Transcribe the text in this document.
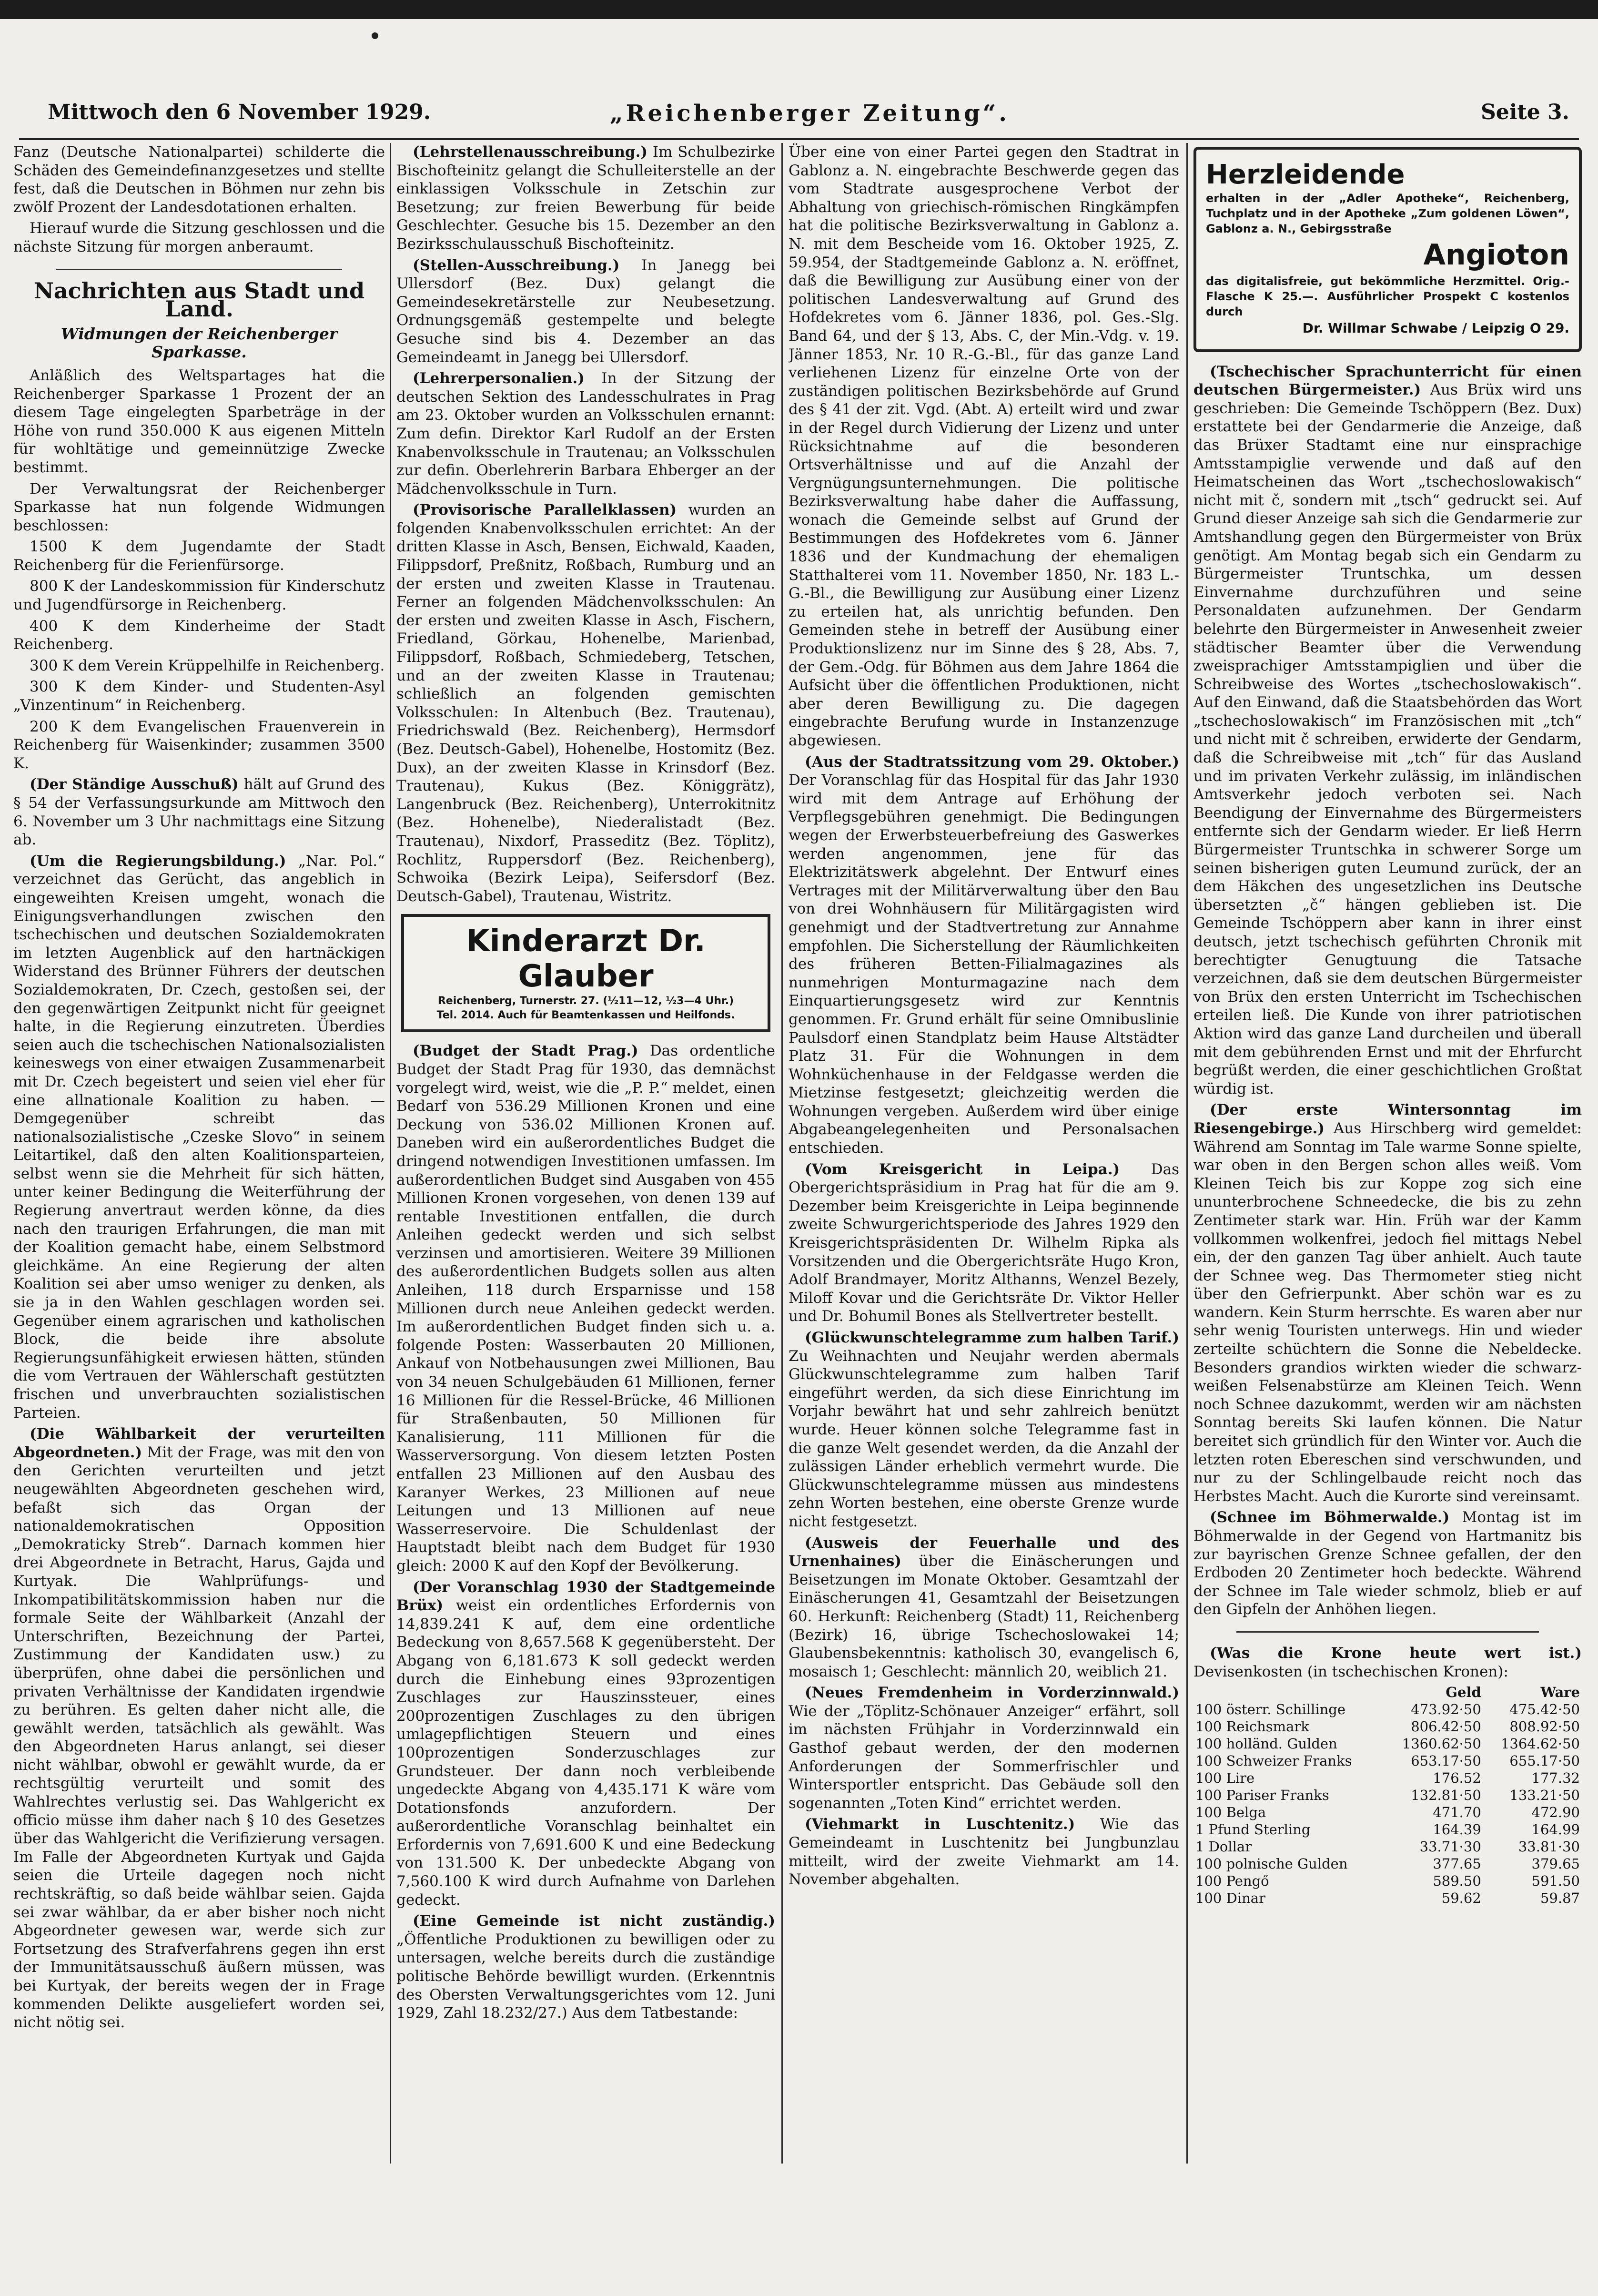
Mittwoch den 6 November 1929.	„Reichenberger Zeitung“.	Seite 3.

Fanz (Deutsche Nationalpartei) schilderte die Schäden des Gemeindefinanzgesetzes und stellte fest, daß die Deutschen in Böhmen nur zehn bis zwölf Prozent der Landesdotationen erhalten.

Hierauf wurde die Sitzung geschlossen und die nächste Sitzung für morgen anberaumt.

Nachrichten aus Stadt und Land.
Widmungen der Reichenberger Sparkasse.

Anläßlich des Weltspartages hat die Reichenberger Sparkasse 1 Prozent der an diesem Tage eingelegten Sparbeträge in der Höhe von rund 350.000 K aus eigenen Mitteln für wohltätige und gemeinnützige Zwecke bestimmt.

Der Verwaltungsrat der Reichenberger Sparkasse hat nun folgende Widmungen beschlossen:

1500 K dem Jugendamte der Stadt Reichenberg für die Ferienfürsorge.

800 K der Landeskommission für Kinderschutz und Jugendfürsorge in Reichenberg.

400 K dem Kinderheime der Stadt Reichenberg.

300 K dem Verein Krüppelhilfe in Reichenberg.

300 K dem Kinder- und Studenten-Asyl „Vinzentinum“ in Reichenberg.

200 K dem Evangelischen Frauenverein in Reichenberg für Waisenkinder; zusammen 3500 K.

(Der Ständige Ausschuß) hält auf Grund des § 54 der Verfassungsurkunde am Mittwoch den 6. November um 3 Uhr nachmittags eine Sitzung ab.

(Um die Regierungsbildung.) „Nar. Pol.“ verzeichnet das Gerücht, das angeblich in eingeweihten Kreisen umgeht, wonach die Einigungsverhandlungen zwischen den tschechischen und deutschen Sozialdemokraten im letzten Augenblick auf den hartnäckigen Widerstand des Brünner Führers der deutschen Sozialdemokraten, Dr. Czech, gestoßen sei, der den gegenwärtigen Zeitpunkt nicht für geeignet halte, in die Regierung einzutreten. Überdies seien auch die tschechischen Nationalsozialisten keineswegs von einer etwaigen Zusammenarbeit mit Dr. Czech begeistert und seien viel eher für eine allnationale Koalition zu haben. — Demgegenüber schreibt das nationalsozialistische „Czeske Slovo“ in seinem Leitartikel, daß den alten Koalitionsparteien, selbst wenn sie die Mehrheit für sich hätten, unter keiner Bedingung die Weiterführung der Regierung anvertraut werden könne, da dies nach den traurigen Erfahrungen, die man mit der Koalition gemacht habe, einem Selbstmord gleichkäme. An eine Regierung der alten Koalition sei aber umso weniger zu denken, als sie ja in den Wahlen geschlagen worden sei. Gegenüber einem agrarischen und katholischen Block, die beide ihre absolute Regierungsunfähigkeit erwiesen hätten, stünden die vom Vertrauen der Wählerschaft gestützten frischen und unverbrauchten sozialistischen Parteien.

(Die Wählbarkeit der verurteilten Abgeordneten.) Mit der Frage, was mit den von den Gerichten verurteilten und jetzt neugewählten Abgeordneten geschehen wird, befaßt sich das Organ der nationaldemokratischen Opposition „Demokraticky Streb“. Darnach kommen hier drei Abgeordnete in Betracht, Harus, Gajda und Kurtyak. Die Wahlprüfungs- und Inkompatibilitätskommission haben nur die formale Seite der Wählbarkeit (Anzahl der Unterschriften, Bezeichnung der Partei, Zustimmung der Kandidaten usw.) zu überprüfen, ohne dabei die persönlichen und privaten Verhältnisse der Kandidaten irgendwie zu berühren. Es gelten daher nicht alle, die gewählt werden, tatsächlich als gewählt. Was den Abgeordneten Harus anlangt, sei dieser nicht wählbar, obwohl er gewählt wurde, da er rechtsgültig verurteilt und somit des Wahlrechtes verlustig sei. Das Wahlgericht ex officio müsse ihm daher nach § 10 des Gesetzes über das Wahlgericht die Verifizierung versagen. Im Falle der Abgeordneten Kurtyak und Gajda seien die Urteile dagegen noch nicht rechtskräftig, so daß beide wählbar seien. Gajda sei zwar wählbar, da er aber bisher noch nicht Abgeordneter gewesen war, werde sich zur Fortsetzung des Strafverfahrens gegen ihn erst der Immunitätsausschuß äußern müssen, was bei Kurtyak, der bereits wegen der in Frage kommenden Delikte ausgeliefert worden sei, nicht nötig sei.

(Lehrstellenausschreibung.) Im Schulbezirke Bischofteinitz gelangt die Schulleiterstelle an der einklassigen Volksschule in Zetschin zur Besetzung; zur freien Bewerbung für beide Geschlechter. Gesuche bis 15. Dezember an den Bezirksschulausschuß Bischofteinitz.

(Stellen-Ausschreibung.) In Janegg bei Ullersdorf (Bez. Dux) gelangt die Gemeindesekretärstelle zur Neubesetzung. Ordnungsgemäß gestempelte und belegte Gesuche sind bis 4. Dezember an das Gemeindeamt in Janegg bei Ullersdorf.

(Lehrerpersonalien.) In der Sitzung der deutschen Sektion des Landesschulrates in Prag am 23. Oktober wurden an Volksschulen ernannt: Zum defin. Direktor Karl Rudolf an der Ersten Knabenvolksschule in Trautenau; an Volksschulen zur defin. Oberlehrerin Barbara Ehberger an der Mädchenvolksschule in Turn.

(Provisorische Parallelklassen) wurden an folgenden Knabenvolksschulen errichtet: An der dritten Klasse in Asch, Bensen, Eichwald, Kaaden, Filippsdorf, Preßnitz, Roßbach, Rumburg und an der ersten und zweiten Klasse in Trautenau. Ferner an folgenden Mädchenvolksschulen: An der ersten und zweiten Klasse in Asch, Fischern, Friedland, Görkau, Hohenelbe, Marienbad, Filippsdorf, Roßbach, Schmiedeberg, Tetschen, und an der zweiten Klasse in Trautenau; schließlich an folgenden gemischten Volksschulen: In Altenbuch (Bez. Trautenau), Friedrichswald (Bez. Reichenberg), Hermsdorf (Bez. Deutsch-Gabel), Hohenelbe, Hostomitz (Bez. Dux), an der zweiten Klasse in Krinsdorf (Bez. Trautenau), Kukus (Bez. Königgrätz), Langenbruck (Bez. Reichenberg), Unterrokitnitz (Bez. Hohenelbe), Niederalistadt (Bez. Trautenau), Nixdorf, Prasseditz (Bez. Töplitz), Rochlitz, Ruppersdorf (Bez. Reichenberg), Schwoika (Bezirk Leipa), Seifersdorf (Bez. Deutsch-Gabel), Trautenau, Wistritz.

Kinderarzt Dr. Glauber
Reichenberg, Turnerstr. 27. (½11—12, ½3—4 Uhr.)
Tel. 2014. Auch für Beamtenkassen und Heilfonds.

(Budget der Stadt Prag.) Das ordentliche Budget der Stadt Prag für 1930, das demnächst vorgelegt wird, weist, wie die „P. P.“ meldet, einen Bedarf von 536.29 Millionen Kronen und eine Deckung von 536.02 Millionen Kronen auf. Daneben wird ein außerordentliches Budget die dringend notwendigen Investitionen umfassen. Im außerordentlichen Budget sind Ausgaben von 455 Millionen Kronen vorgesehen, von denen 139 auf rentable Investitionen entfallen, die durch Anleihen gedeckt werden und sich selbst verzinsen und amortisieren. Weitere 39 Millionen des außerordentlichen Budgets sollen aus alten Anleihen, 118 durch Ersparnisse und 158 Millionen durch neue Anleihen gedeckt werden. Im außerordentlichen Budget finden sich u. a. folgende Posten: Wasserbauten 20 Millionen, Ankauf von Notbehausungen zwei Millionen, Bau von 34 neuen Schulgebäuden 61 Millionen, ferner 16 Millionen für die Ressel-Brücke, 46 Millionen für Straßenbauten, 50 Millionen für Kanalisierung, 111 Millionen für die Wasserversorgung. Von diesem letzten Posten entfallen 23 Millionen auf den Ausbau des Karanyer Werkes, 23 Millionen auf neue Leitungen und 13 Millionen auf neue Wasserreservoire. Die Schuldenlast der Hauptstadt bleibt nach dem Budget für 1930 gleich: 2000 K auf den Kopf der Bevölkerung.

(Der Voranschlag 1930 der Stadtgemeinde Brüx) weist ein ordentliches Erfordernis von 14,839.241 K auf, dem eine ordentliche Bedeckung von 8,657.568 K gegenübersteht. Der Abgang von 6,181.673 K soll gedeckt werden durch die Einhebung eines 93prozentigen Zuschlages zur Hauszinssteuer, eines 200prozentigen Zuschlages zu den übrigen umlagepflichtigen Steuern und eines 100prozentigen Sonderzuschlages zur Grundsteuer. Der dann noch verbleibende ungedeckte Abgang von 4,435.171 K wäre vom Dotationsfonds anzufordern. Der außerordentliche Voranschlag beinhaltet ein Erfordernis von 7,691.600 K und eine Bedeckung von 131.500 K. Der unbedeckte Abgang von 7,560.100 K wird durch Aufnahme von Darlehen gedeckt.

(Eine Gemeinde ist nicht zuständig.) „Öffentliche Produktionen zu bewilligen oder zu untersagen, welche bereits durch die zuständige politische Behörde bewilligt wurden. (Erkenntnis des Obersten Verwaltungsgerichtes vom 12. Juni 1929, Zahl 18.232/27.) Aus dem Tatbestande:

Über eine von einer Partei gegen den Stadtrat in Gablonz a. N. eingebrachte Beschwerde gegen das vom Stadtrate ausgesprochene Verbot der Abhaltung von griechisch-römischen Ringkämpfen hat die politische Bezirksverwaltung in Gablonz a. N. mit dem Bescheide vom 16. Oktober 1925, Z. 59.954, der Stadtgemeinde Gablonz a. N. eröffnet, daß die Bewilligung zur Ausübung einer von der politischen Landesverwaltung auf Grund des Hofdekretes vom 6. Jänner 1836, pol. Ges.-Slg. Band 64, und der § 13, Abs. C, der Min.-Vdg. v. 19. Jänner 1853, Nr. 10 R.-G.-Bl., für das ganze Land verliehenen Lizenz für einzelne Orte von der zuständigen politischen Bezirksbehörde auf Grund des § 41 der zit. Vgd. (Abt. A) erteilt wird und zwar in der Regel durch Vidierung der Lizenz und unter Rücksichtnahme auf die besonderen Ortsverhältnisse und auf die Anzahl der Vergnügungsunternehmungen. Die politische Bezirksverwaltung habe daher die Auffassung, wonach die Gemeinde selbst auf Grund der Bestimmungen des Hofdekretes vom 6. Jänner 1836 und der Kundmachung der ehemaligen Statthalterei vom 11. November 1850, Nr. 183 L.-G.-Bl., die Bewilligung zur Ausübung einer Lizenz zu erteilen hat, als unrichtig befunden. Den Gemeinden stehe in betreff der Ausübung einer Produktionslizenz nur im Sinne des § 28, Abs. 7, der Gem.-Odg. für Böhmen aus dem Jahre 1864 die Aufsicht über die öffentlichen Produktionen, nicht aber deren Bewilligung zu. Die dagegen eingebrachte Berufung wurde in Instanzenzuge abgewiesen.

(Aus der Stadtratssitzung vom 29. Oktober.) Der Voranschlag für das Hospital für das Jahr 1930 wird mit dem Antrage auf Erhöhung der Verpflegsgebühren genehmigt. Die Bedingungen wegen der Erwerbsteuerbefreiung des Gaswerkes werden angenommen, jene für das Elektrizitätswerk abgelehnt. Der Entwurf eines Vertrages mit der Militärverwaltung über den Bau von drei Wohnhäusern für Militärgagisten wird genehmigt und der Stadtvertretung zur Annahme empfohlen. Die Sicherstellung der Räumlichkeiten des früheren Betten-Filialmagazines als nunmehrigen Monturmagazine nach dem Einquartierungsgesetz wird zur Kenntnis genommen. Fr. Grund erhält für seine Omnibuslinie Paulsdorf einen Standplatz beim Hause Altstädter Platz 31. Für die Wohnungen in dem Wohnküchenhause in der Feldgasse werden die Mietzinse festgesetzt; gleichzeitig werden die Wohnungen vergeben. Außerdem wird über einige Abgabeangelegenheiten und Personalsachen entschieden.

(Vom Kreisgericht in Leipa.) Das Obergerichtspräsidium in Prag hat für die am 9. Dezember beim Kreisgerichte in Leipa beginnende zweite Schwurgerichtsperiode des Jahres 1929 den Kreisgerichtspräsidenten Dr. Wilhelm Ripka als Vorsitzenden und die Obergerichtsräte Hugo Kron, Adolf Brandmayer, Moritz Althanns, Wenzel Bezely, Miloff Kovar und die Gerichtsräte Dr. Viktor Heller und Dr. Bohumil Bones als Stellvertreter bestellt.

(Glückwunschtelegramme zum halben Tarif.) Zu Weihnachten und Neujahr werden abermals Glückwunschtelegramme zum halben Tarif eingeführt werden, da sich diese Einrichtung im Vorjahr bewährt hat und sehr zahlreich benützt wurde. Heuer können solche Telegramme fast in die ganze Welt gesendet werden, da die Anzahl der zulässigen Länder erheblich vermehrt wurde. Die Glückwunschtelegramme müssen aus mindestens zehn Worten bestehen, eine oberste Grenze wurde nicht festgesetzt.

(Ausweis der Feuerhalle und des Urnenhaines) über die Einäscherungen und Beisetzungen im Monate Oktober. Gesamtzahl der Einäscherungen 41, Gesamtzahl der Beisetzungen 60. Herkunft: Reichenberg (Stadt) 11, Reichenberg (Bezirk) 16, übrige Tschechoslowakei 14; Glaubensbekenntnis: katholisch 30, evangelisch 6, mosaisch 1; Geschlecht: männlich 20, weiblich 21.

(Neues Fremdenheim in Vorderzinnwald.) Wie der „Töplitz-Schönauer Anzeiger“ erfährt, soll im nächsten Frühjahr in Vorderzinnwald ein Gasthof gebaut werden, der den modernen Anforderungen der Sommerfrischler und Wintersportler entspricht. Das Gebäude soll den sogenannten „Toten Kind“ errichtet werden.

(Viehmarkt in Luschtenitz.) Wie das Gemeindeamt in Luschtenitz bei Jungbunzlau mitteilt, wird der zweite Viehmarkt am 14. November abgehalten.

Herzleidende
erhalten in der „Adler Apotheke“, Reichenberg, Tuchplatz und in der Apotheke „Zum goldenen Löwen“, Gablonz a. N., Gebirgsstraße
Angioton
das digitalisfreie, gut bekömmliche Herzmittel. Orig.-Flasche K 25.—. Ausführlicher Prospekt C kostenlos durch
Dr. Willmar Schwabe / Leipzig O 29.

(Tschechischer Sprachunterricht für einen deutschen Bürgermeister.) Aus Brüx wird uns geschrieben: Die Gemeinde Tschöppern (Bez. Dux) erstattete bei der Gendarmerie die Anzeige, daß das Brüxer Stadtamt eine nur einsprachige Amtsstampiglie verwende und daß auf den Heimatscheinen das Wort „tschechoslowakisch“ nicht mit č, sondern mit „tsch“ gedruckt sei. Auf Grund dieser Anzeige sah sich die Gendarmerie zur Amtshandlung gegen den Bürgermeister von Brüx genötigt. Am Montag begab sich ein Gendarm zu Bürgermeister Truntschka, um dessen Einvernahme durchzuführen und seine Personaldaten aufzunehmen. Der Gendarm belehrte den Bürgermeister in Anwesenheit zweier städtischer Beamter über die Verwendung zweisprachiger Amtsstampiglien und über die Schreibweise des Wortes „tschechoslowakisch“. Auf den Einwand, daß die Staatsbehörden das Wort „tschechoslowakisch“ im Französischen mit „tch“ und nicht mit č schreiben, erwiderte der Gendarm, daß die Schreibweise mit „tch“ für das Ausland und im privaten Verkehr zulässig, im inländischen Amtsverkehr jedoch verboten sei. Nach Beendigung der Einvernahme des Bürgermeisters entfernte sich der Gendarm wieder. Er ließ Herrn Bürgermeister Truntschka in schwerer Sorge um seinen bisherigen guten Leumund zurück, der an dem Häkchen des ungesetzlichen ins Deutsche übersetzten „č“ hängen geblieben ist. Die Gemeinde Tschöppern aber kann in ihrer einst deutsch, jetzt tschechisch geführten Chronik mit berechtigter Genugtuung die Tatsache verzeichnen, daß sie dem deutschen Bürgermeister von Brüx den ersten Unterricht im Tschechischen erteilen ließ. Die Kunde von ihrer patriotischen Aktion wird das ganze Land durcheilen und überall mit dem gebührenden Ernst und mit der Ehrfurcht begrüßt werden, die einer geschichtlichen Großtat würdig ist.

(Der erste Wintersonntag im Riesengebirge.) Aus Hirschberg wird gemeldet: Während am Sonntag im Tale warme Sonne spielte, war oben in den Bergen schon alles weiß. Vom Kleinen Teich bis zur Koppe zog sich eine ununterbrochene Schneedecke, die bis zu zehn Zentimeter stark war. Hin. Früh war der Kamm vollkommen wolkenfrei, jedoch fiel mittags Nebel ein, der den ganzen Tag über anhielt. Auch taute der Schnee weg. Das Thermometer stieg nicht über den Gefrierpunkt. Aber schön war es zu wandern. Kein Sturm herrschte. Es waren aber nur sehr wenig Touristen unterwegs. Hin und wieder zerteilte schüchtern die Sonne die Nebeldecke. Besonders grandios wirkten wieder die schwarz-weißen Felsenabstürze am Kleinen Teich. Wenn noch Schnee dazukommt, werden wir am nächsten Sonntag bereits Ski laufen können. Die Natur bereitet sich gründlich für den Winter vor. Auch die letzten roten Ebereschen sind verschwunden, und nur zu der Schlingelbaude reicht noch das Herbstes Macht. Auch die Kurorte sind vereinsamt.

(Schnee im Böhmerwalde.) Montag ist im Böhmerwalde in der Gegend von Hartmanitz bis zur bayrischen Grenze Schnee gefallen, der den Erdboden 20 Zentimeter hoch bedeckte. Während der Schnee im Tale wieder schmolz, blieb er auf den Gipfeln der Anhöhen liegen.

(Was die Krone heute wert ist.) Devisenkosten (in tschechischen Kronen):

	Geld	Ware
100 österr. Schillinge	473.92·50	475.42·50
100 Reichsmark	806.42·50	808.92·50
100 holländ. Gulden	1360.62·50	1364.62·50
100 Schweizer Franks	653.17·50	655.17·50
100 Lire	176.52	177.32
100 Pariser Franks	132.81·50	133.21·50
100 Belga	471.70	472.90
1 Pfund Sterling	164.39	164.99
1 Dollar	33.71·30	33.81·30
100 polnische Gulden	377.65	379.65
100 Pengő	589.50	591.50
100 Dinar	59.62	59.87
